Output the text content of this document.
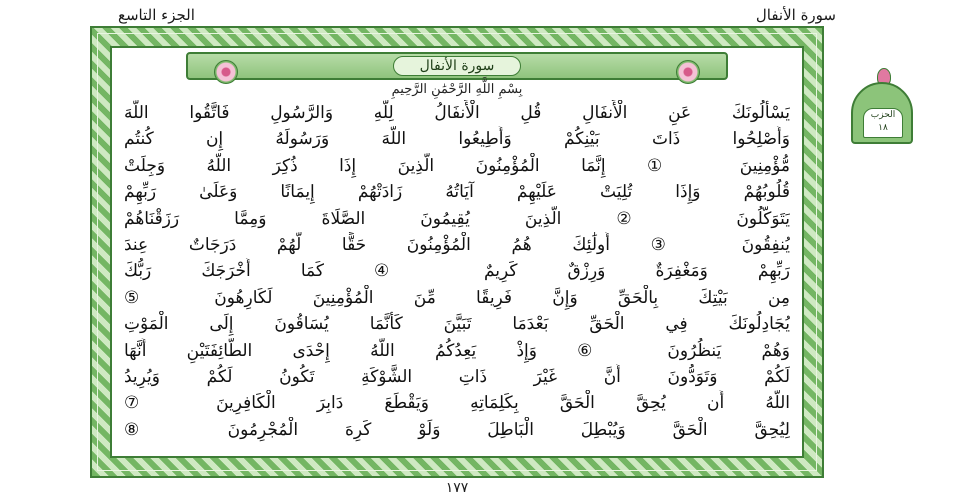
الجزء التاسع	سورة الأنفال
سورة الأنفال
بِسْمِ اللَّهِ الرَّحْمَٰنِ الرَّحِيمِ
يَسْأَلُونَكَ عَنِ الْأَنفَالِ قُلِ الْأَنفَالُ لِلَّهِ وَالرَّسُولِ فَاتَّقُوا اللَّهَ
وَأَصْلِحُوا ذَاتَ بَيْنِكُمْ وَأَطِيعُوا اللَّهَ وَرَسُولَهُ إِن كُنتُم
مُّؤْمِنِينَ ① إِنَّمَا الْمُؤْمِنُونَ الَّذِينَ إِذَا ذُكِرَ اللَّهُ وَجِلَتْ
قُلُوبُهُمْ وَإِذَا تُلِيَتْ عَلَيْهِمْ آيَاتُهُ زَادَتْهُمْ إِيمَانًا وَعَلَىٰ رَبِّهِمْ
يَتَوَكَّلُونَ ② الَّذِينَ يُقِيمُونَ الصَّلَاةَ وَمِمَّا رَزَقْنَاهُمْ
يُنفِقُونَ ③ أُولَٰئِكَ هُمُ الْمُؤْمِنُونَ حَقًّا لَّهُمْ دَرَجَاتٌ عِندَ
رَبِّهِمْ وَمَغْفِرَةٌ وَرِزْقٌ كَرِيمٌ ④ كَمَا أَخْرَجَكَ رَبُّكَ
مِن بَيْتِكَ بِالْحَقِّ وَإِنَّ فَرِيقًا مِّنَ الْمُؤْمِنِينَ لَكَارِهُونَ ⑤
يُجَادِلُونَكَ فِي الْحَقِّ بَعْدَمَا تَبَيَّنَ كَأَنَّمَا يُسَاقُونَ إِلَى الْمَوْتِ
وَهُمْ يَنظُرُونَ ⑥ وَإِذْ يَعِدُكُمُ اللَّهُ إِحْدَى الطَّائِفَتَيْنِ أَنَّهَا
لَكُمْ وَتَوَدُّونَ أَنَّ غَيْرَ ذَاتِ الشَّوْكَةِ تَكُونُ لَكُمْ وَيُرِيدُ
اللَّهُ أَن يُحِقَّ الْحَقَّ بِكَلِمَاتِهِ وَيَقْطَعَ دَابِرَ الْكَافِرِينَ ⑦
لِيُحِقَّ الْحَقَّ وَيُبْطِلَ الْبَاطِلَ وَلَوْ كَرِهَ الْمُجْرِمُونَ ⑧
١٧٧
الحزب
١٨
